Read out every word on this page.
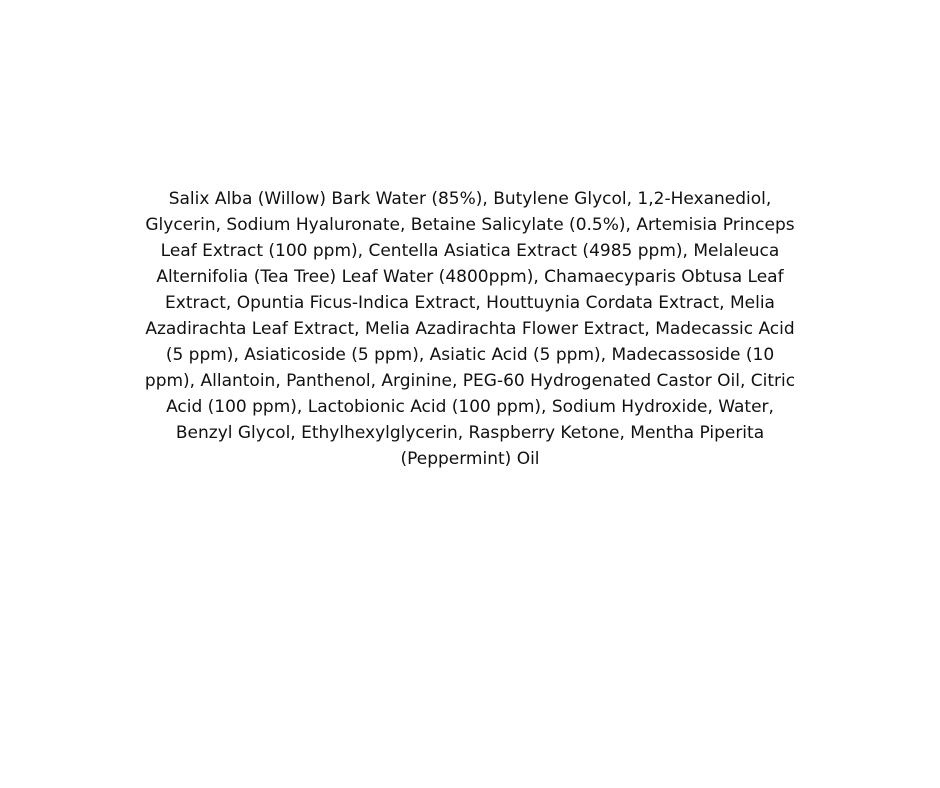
Salix Alba (Willow) Bark Water (85%), Butylene Glycol, 1,2-Hexanediol, Glycerin, Sodium Hyaluronate, Betaine Salicylate (0.5%), Artemisia Princeps Leaf Extract (100 ppm), Centella Asiatica Extract (4985 ppm), Melaleuca Alternifolia (Tea Tree) Leaf Water (4800ppm), Chamaecyparis Obtusa Leaf Extract, Opuntia Ficus-Indica Extract, Houttuynia Cordata Extract, Melia Azadirachta Leaf Extract, Melia Azadirachta Flower Extract, Madecassic Acid (5 ppm), Asiaticoside (5 ppm), Asiatic Acid (5 ppm), Madecassoside (10 ppm), Allantoin, Panthenol, Arginine, PEG-60 Hydrogenated Castor Oil, Citric Acid (100 ppm), Lactobionic Acid (100 ppm), Sodium Hydroxide, Water, Benzyl Glycol, Ethylhexylglycerin, Raspberry Ketone, Mentha Piperita (Peppermint) Oil
